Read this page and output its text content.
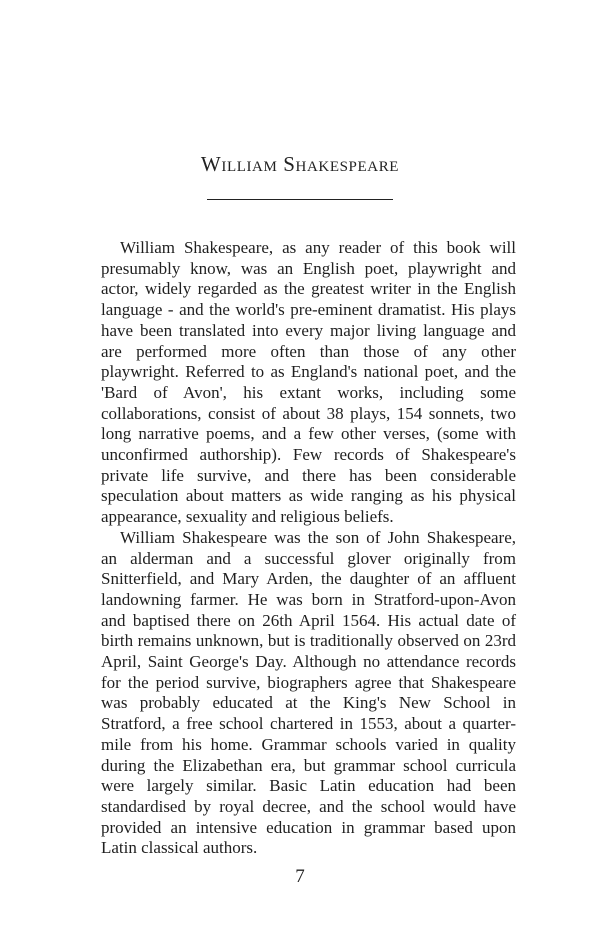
William Shakespeare

William Shakespeare, as any reader of this book will presumably know, was an English poet, playwright and actor, widely regarded as the greatest writer in the English language - and the world's pre-eminent dramatist. His plays have been translated into every major living language and are performed more often than those of any other playwright. Referred to as England's national poet, and the 'Bard of Avon', his extant works, including some collaborations, consist of about 38 plays, 154 sonnets, two long narrative poems, and a few other verses, (some with unconfirmed authorship). Few records of Shakespeare's private life survive, and there has been considerable speculation about matters as wide ranging as his physical appearance, sexuality and religious beliefs.

William Shakespeare was the son of John Shakespeare, an alderman and a successful glover originally from Snitterfield, and Mary Arden, the daughter of an affluent landowning farmer. He was born in Stratford-upon-Avon and baptised there on 26th April 1564. His actual date of birth remains unknown, but is traditionally observed on 23rd April, Saint George's Day. Although no attendance records for the period survive, biographers agree that Shakespeare was probably educated at the King's New School in Stratford, a free school chartered in 1553, about a quarter-mile from his home. Grammar schools varied in quality during the Elizabethan era, but grammar school curricula were largely similar. Basic Latin education had been standardised by royal decree, and the school would have provided an intensive education in grammar based upon Latin classical authors.

7
